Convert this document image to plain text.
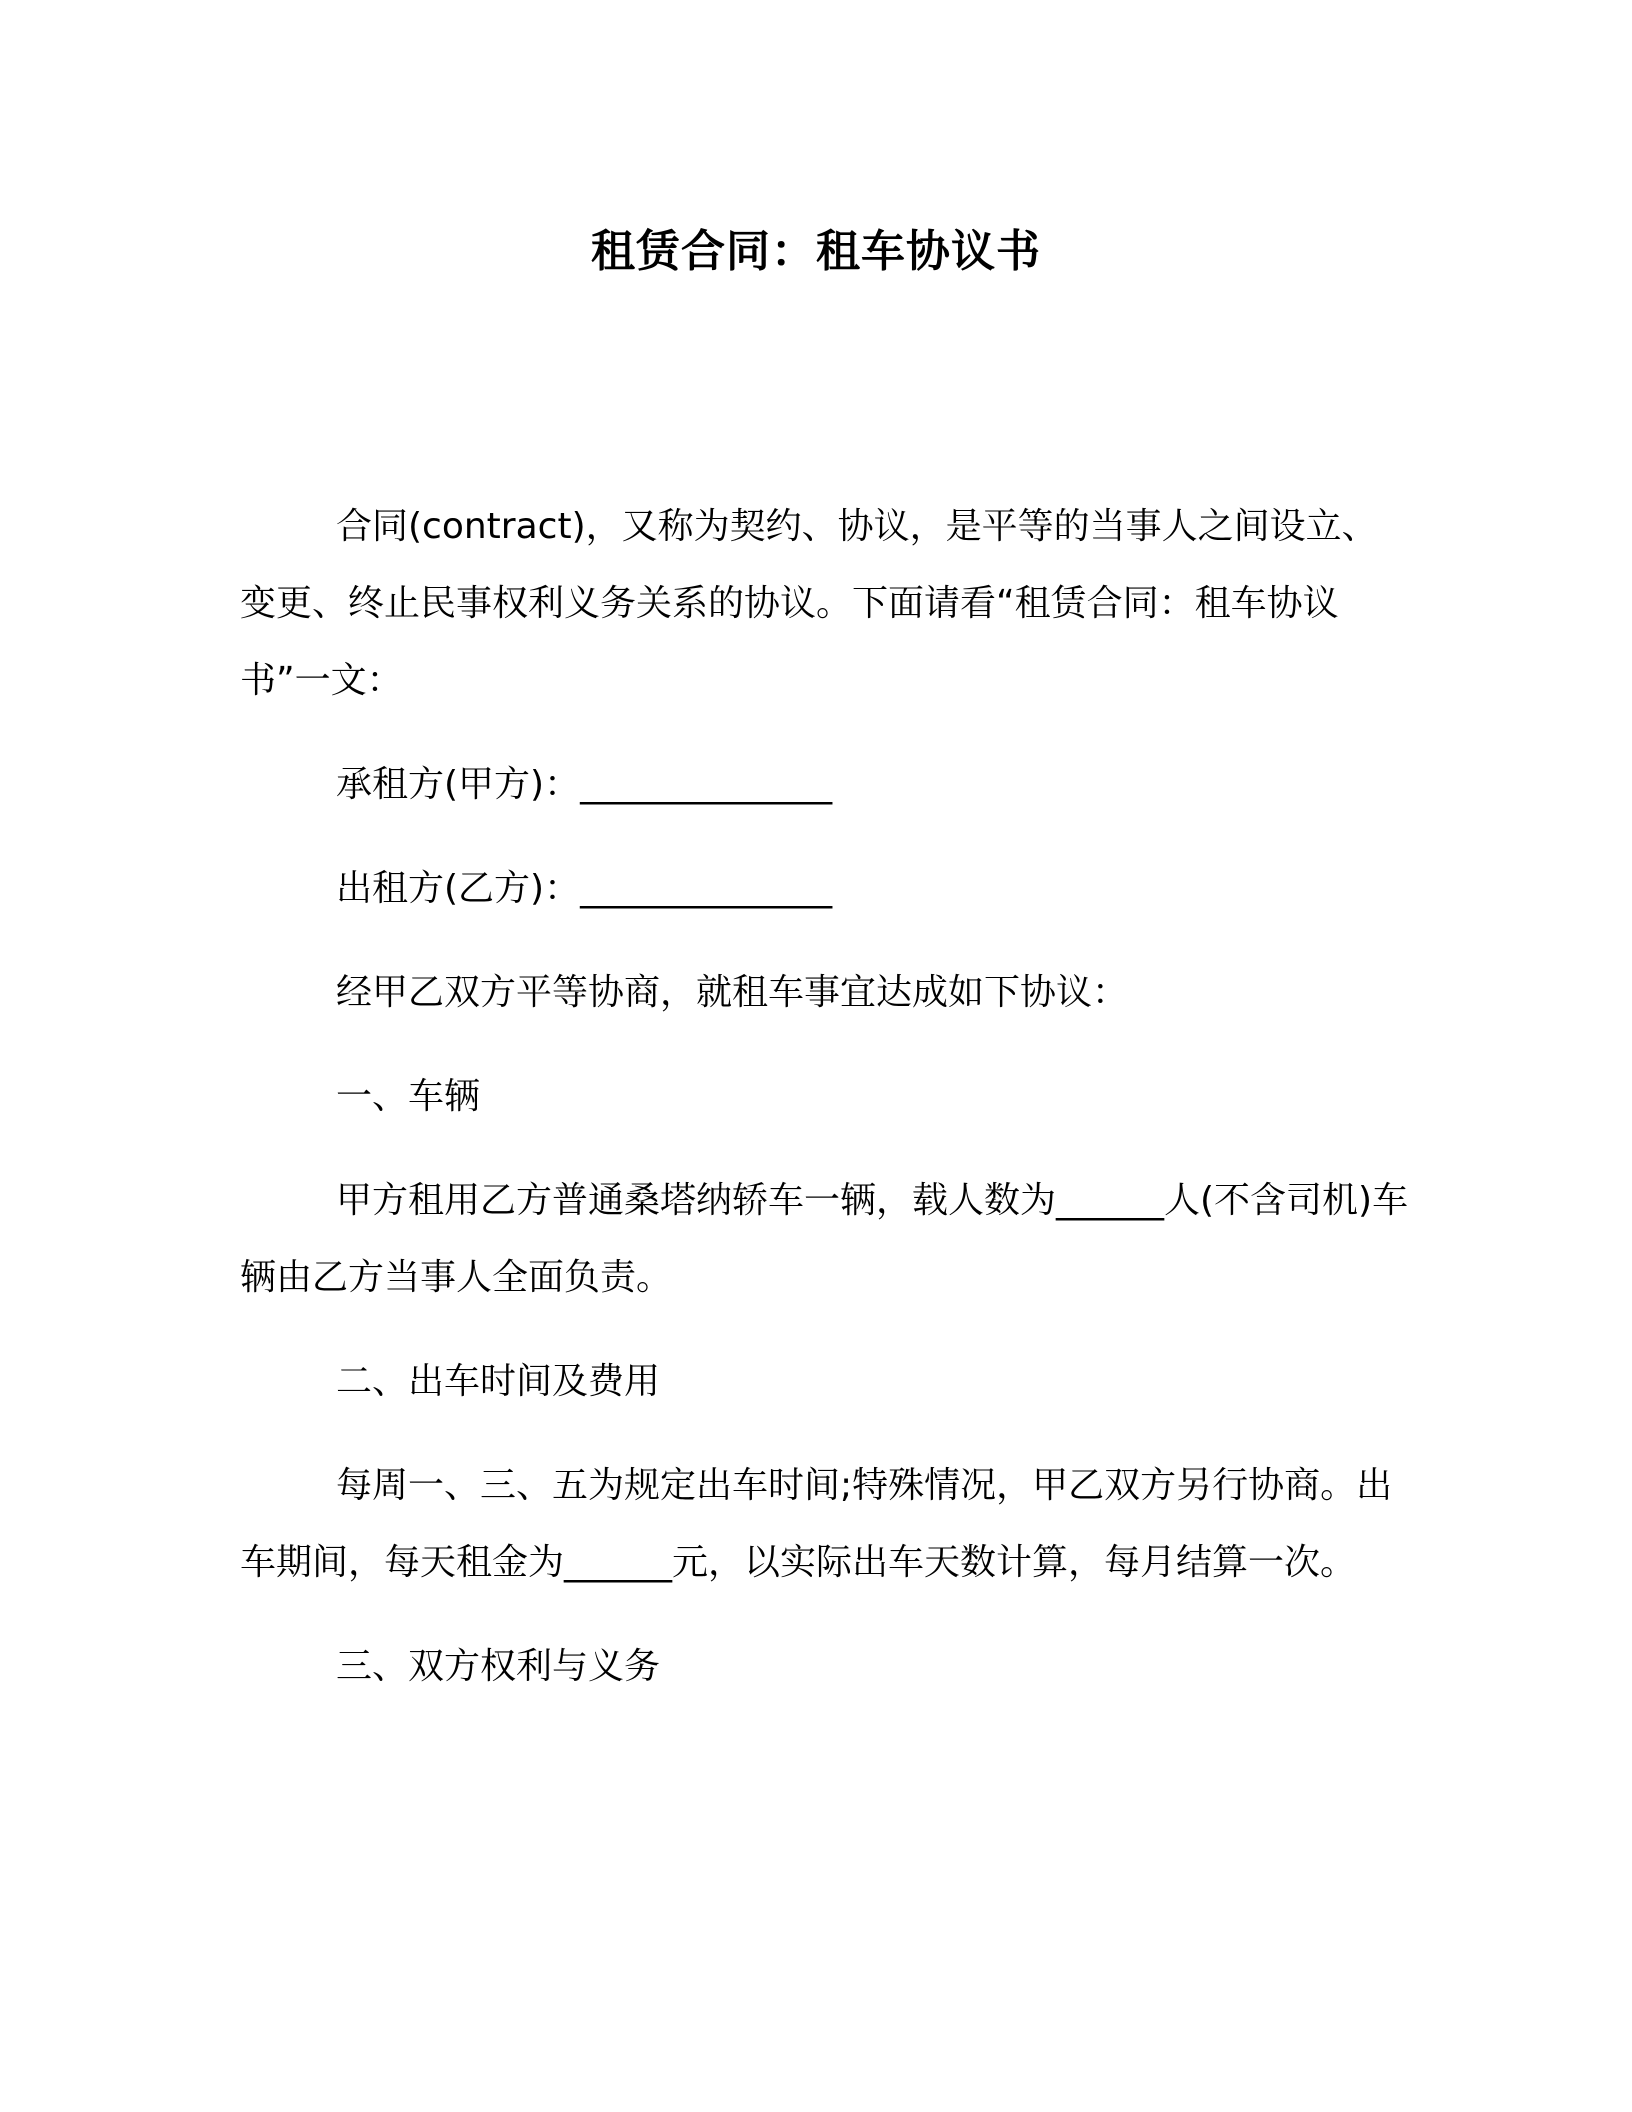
租赁合同：租车协议书

合同(contract)，又称为契约、协议，是平等的当事人之间设立、变更、终止民事权利义务关系的协议。下面请看“租赁合同：租车协议书”一文：

承租方(甲方)：______________

出租方(乙方)：______________

经甲乙双方平等协商，就租车事宜达成如下协议：

一、车辆

甲方租用乙方普通桑塔纳轿车一辆，载人数为______人(不含司机)车辆由乙方当事人全面负责。

二、出车时间及费用

每周一、三、五为规定出车时间;特殊情况，甲乙双方另行协商。出车期间，每天租金为______元，以实际出车天数计算，每月结算一次。

三、双方权利与义务
